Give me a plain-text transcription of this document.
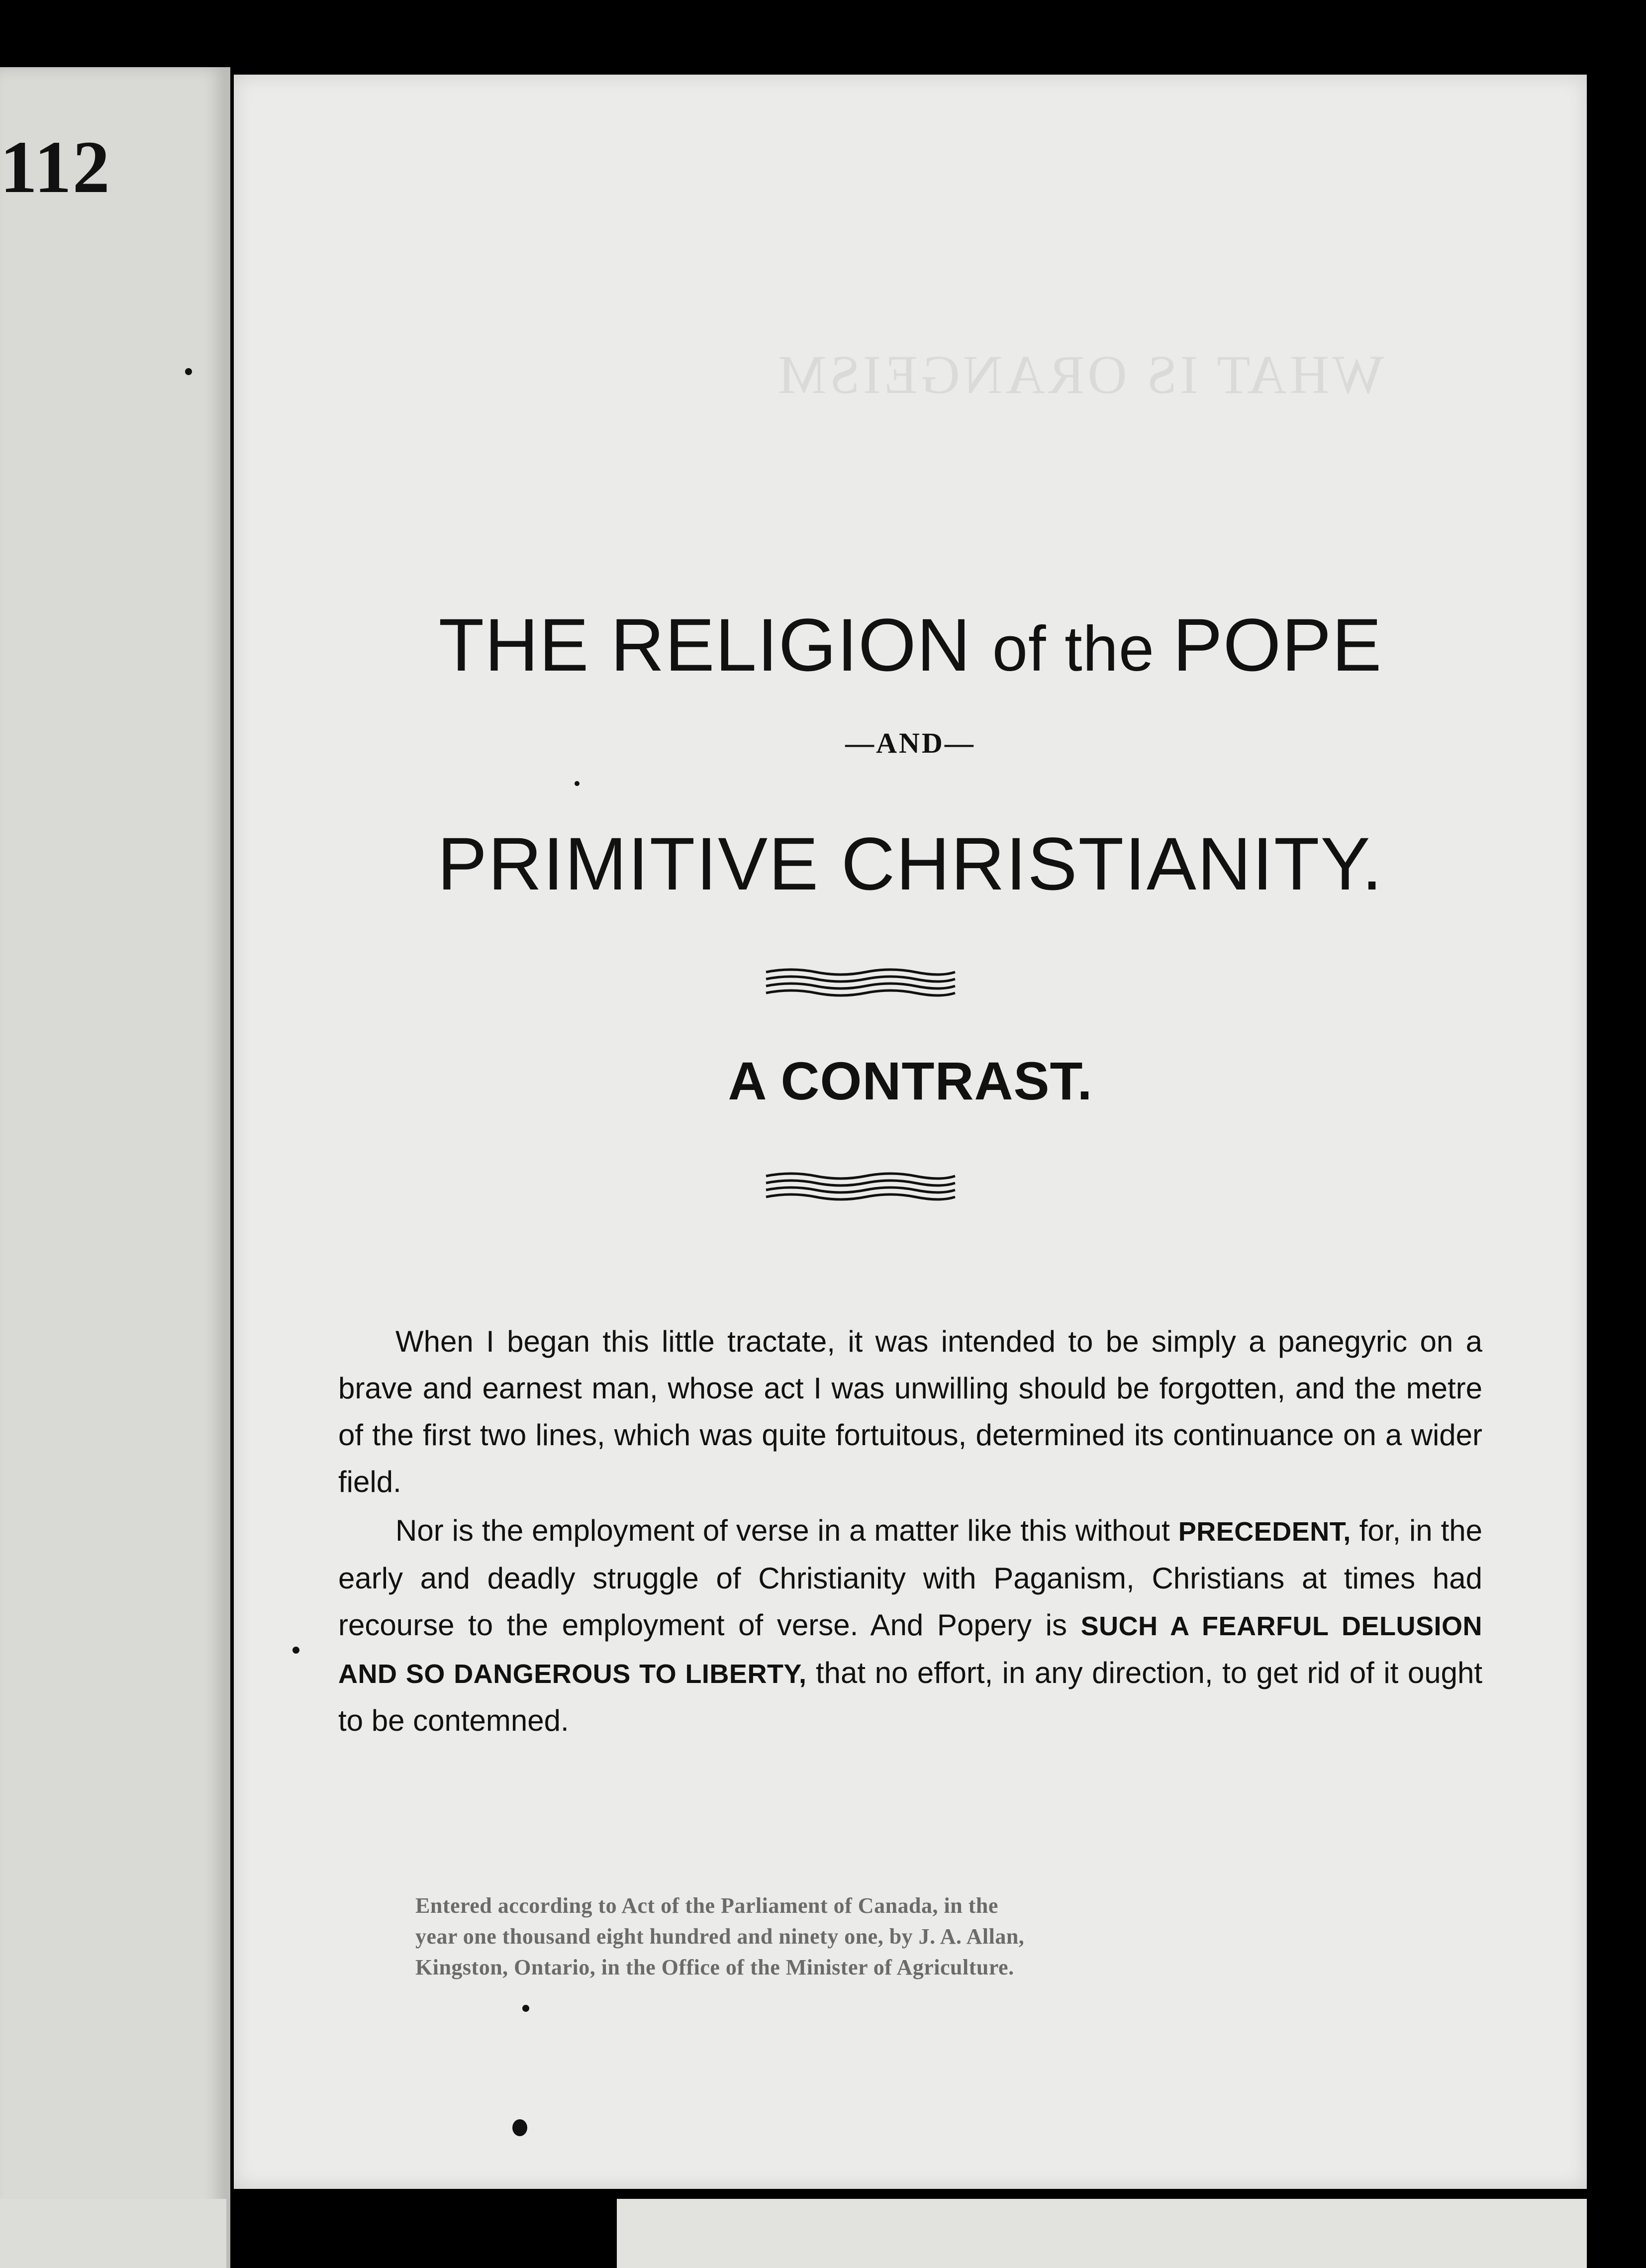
112
WHAT IS ORANGEISM
THE RELIGION of the POPE
—AND—
PRIMITIVE CHRISTIANITY.
A CONTRAST.
When I began this little tractate, it was intended to be simply a panegyric on a brave and earnest man, whose act I was unwilling should be forgotten, and the metre of the first two lines, which was quite fortuitous, determined its continuance on a wider field.
Nor is the employment of verse in a matter like this without PRECEDENT, for, in the early and deadly struggle of Christianity with Paganism, Christians at times had recourse to the employment of verse. And Popery is SUCH A FEARFUL DELUSION AND SO DANGEROUS TO LIBERTY, that no effort, in any direction, to get rid of it ought to be contemned.
Entered according to Act of the Parliament of Canada, in the
year one thousand eight hundred and ninety one, by J. A. Allan,
Kingston, Ontario, in the Office of the Minister of Agriculture.
